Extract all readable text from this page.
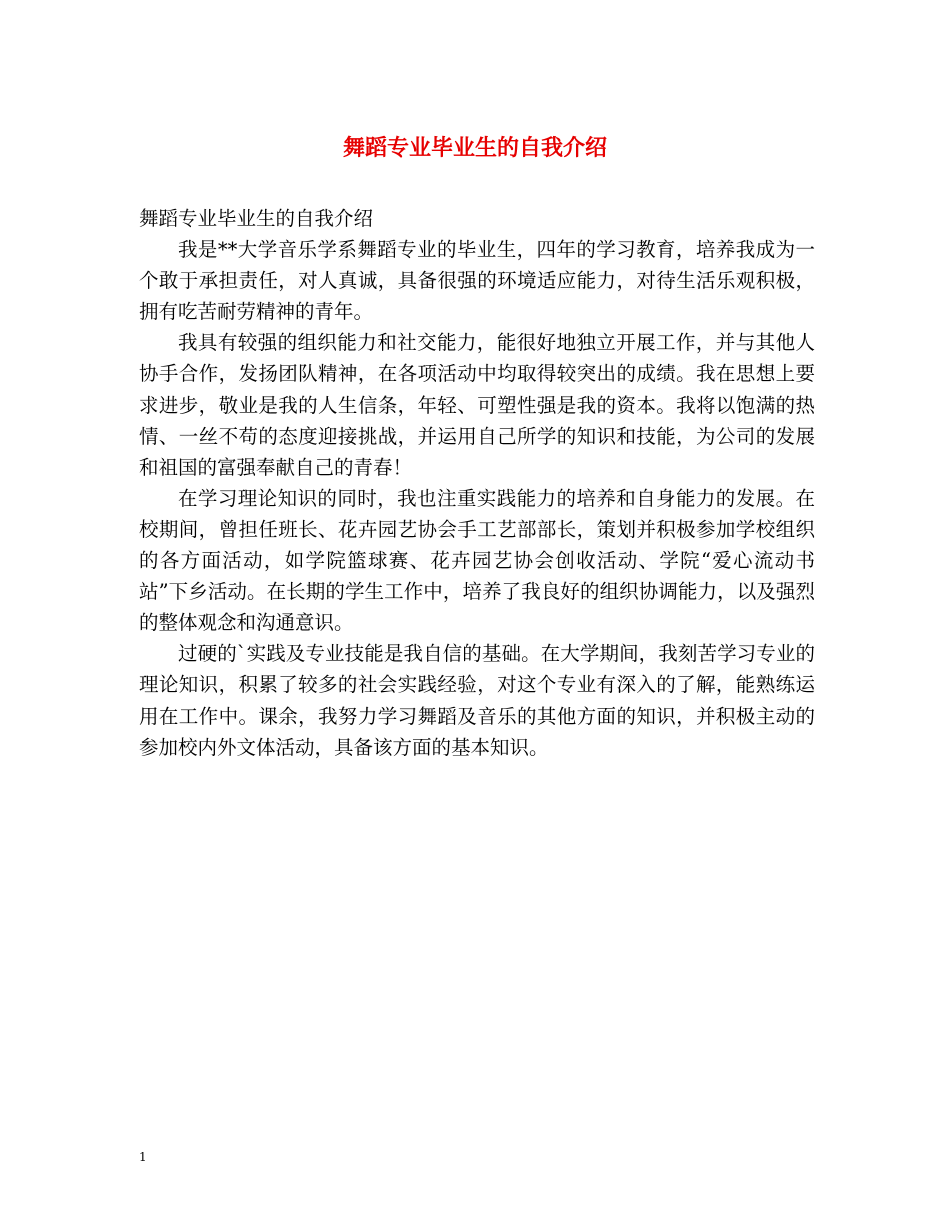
舞蹈专业毕业生的自我介绍

舞蹈专业毕业生的自我介绍

我是**大学音乐学系舞蹈专业的毕业生，四年的学习教育，培养我成为一个敢于承担责任，对人真诚，具备很强的环境适应能力，对待生活乐观积极，拥有吃苦耐劳精神的青年。

我具有较强的组织能力和社交能力，能很好地独立开展工作，并与其他人协手合作，发扬团队精神，在各项活动中均取得较突出的成绩。我在思想上要求进步，敬业是我的人生信条，年轻、可塑性强是我的资本。我将以饱满的热情、一丝不苟的态度迎接挑战，并运用自己所学的知识和技能，为公司的发展和祖国的富强奉献自己的青春！

在学习理论知识的同时，我也注重实践能力的培养和自身能力的发展。在校期间，曾担任班长、花卉园艺协会手工艺部部长，策划并积极参加学校组织的各方面活动，如学院篮球赛、花卉园艺协会创收活动、学院“爱心流动书站”下乡活动。在长期的学生工作中，培养了我良好的组织协调能力，以及强烈的整体观念和沟通意识。

过硬的`实践及专业技能是我自信的基础。在大学期间，我刻苦学习专业的理论知识，积累了较多的社会实践经验，对这个专业有深入的了解，能熟练运用在工作中。课余，我努力学习舞蹈及音乐的其他方面的知识，并积极主动的参加校内外文体活动，具备该方面的基本知识。

1
